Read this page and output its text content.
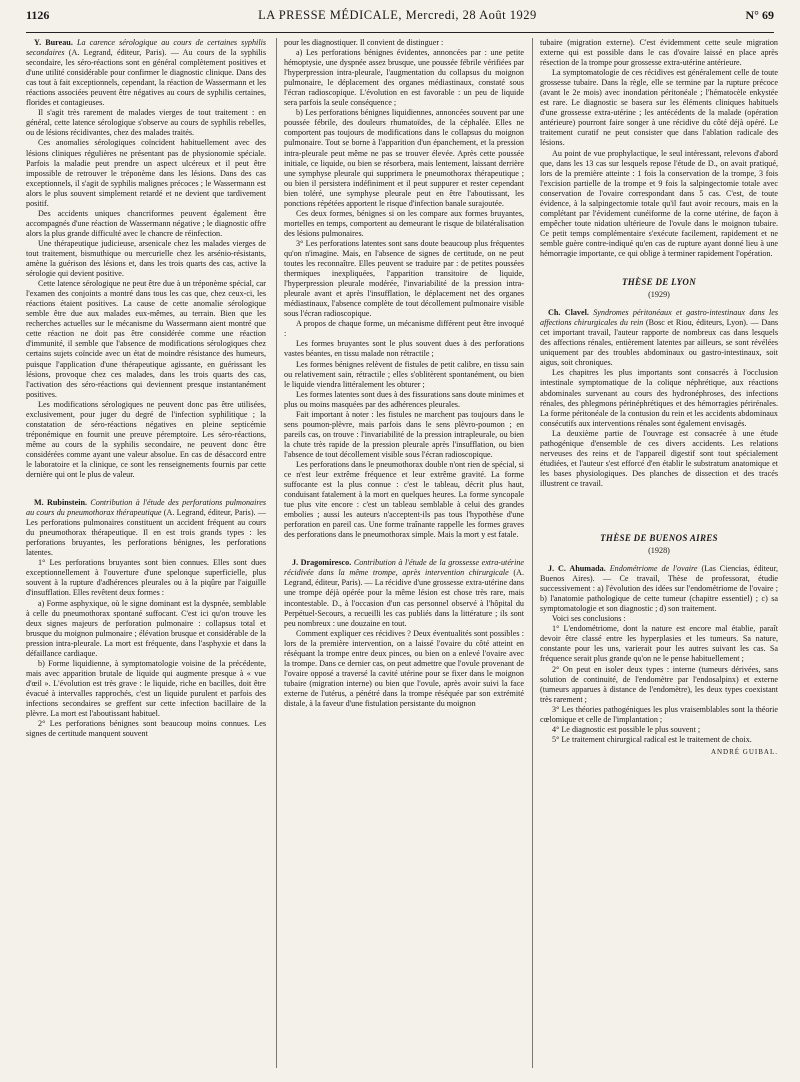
1126	LA PRESSE MÉDICALE, Mercredi, 28 Août 1929	N° 69

Y. Bureau. La carence sérologique au cours de certaines syphilis secondaires (A. Legrand, éditeur, Paris). — Au cours de la syphilis secondaire, les séro-réactions sont en général complètement positives et d'une utilité considérable pour confirmer le diagnostic clinique. Dans des cas tout à fait exceptionnels, cependant, la réaction de Wassermann et les réactions associées peuvent être négatives au cours de syphilis certaines, florides et contagieuses.

Il s'agit très rarement de malades vierges de tout traitement : en général, cette latence sérologique s'observe au cours de syphilis rebelles, ou de lésions récidivantes, chez des malades traités.

Ces anomalies sérologiques coïncident habituellement avec des lésions cliniques régulières ne présentant pas de physionomie spéciale. Parfois la maladie peut prendre un aspect ulcéreux et il peut être impossible de retrouver le tréponème dans les lésions. Dans des cas exceptionnels, il s'agit de syphilis malignes précoces ; le Wassermann est alors le plus souvent simplement retardé et ne devient que tardivement positif.

Des accidents uniques chancriformes peuvent également être accompagnés d'une réaction de Wassermann négative ; le diagnostic offre alors la plus grande difficulté avec le chancre de réinfection.

Une thérapeutique judicieuse, arsenicale chez les malades vierges de tout traitement, bismuthique ou mercurielle chez les arsénio-résistants, amène la guérison des lésions et, dans les trois quarts des cas, active la sérologie qui devient positive.

Cette latence sérologique ne peut être due à un tréponème spécial, car l'examen des conjoints a montré dans tous les cas que, chez ceux-ci, les réactions étaient positives. La cause de cette anomalie sérologique semble être due aux malades eux-mêmes, au terrain. Bien que les recherches actuelles sur le mécanisme du Wassermann aient montré que cette réaction ne doit pas être considérée comme une réaction d'immunité, il semble que l'absence de modifications sérologiques chez certains sujets coïncide avec un état de moindre résistance des humeurs, puisque l'application d'une thérapeutique agissante, en guérissant les lésions, provoque chez ces malades, dans les trois quarts des cas, l'activation des séro-réactions qui deviennent presque instantanément positives.

Les modifications sérologiques ne peuvent donc pas être utilisées, exclusivement, pour juger du degré de l'infection syphilitique ; la constatation de séro-réactions négatives en pleine septicémie tréponémique en fournit une preuve péremptoire. Les séro-réactions, même au cours de la syphilis secondaire, ne peuvent donc être considérées comme ayant une valeur absolue. En cas de désaccord entre le laboratoire et la clinique, ce sont les renseignements fournis par cette dernière qui ont le plus de valeur.

M. Rubinstein. Contribution à l'étude des perforations pulmonaires au cours du pneumothorax thérapeutique (A. Legrand, éditeur, Paris). — Les perforations pulmonaires constituent un accident fréquent au cours du pneumothorax thérapeutique. Il en est trois grands types : les perforations bruyantes, les perforations bénignes, les perforations latentes.

1° Les perforations bruyantes sont bien connues. Elles sont dues exceptionnellement à l'ouverture d'une spelonque superficielle, plus souvent à la rupture d'adhérences pleurales ou à la piqûre par l'aiguille d'insufflation. Elles revêtent deux formes :

a) Forme asphyxique, où le signe dominant est la dyspnée, semblable à celle du pneumothorax spontané suffocant. C'est ici qu'on trouve les deux signes majeurs de perforation pulmonaire : collapsus total et brusque du moignon pulmonaire ; élévation brusque et considérable de la pression intra-pleurale. La mort est fréquente, dans l'asphyxie et dans la défaillance cardiaque.

b) Forme liquidienne, à symptomatologie voisine de la précédente, mais avec apparition brutale de liquide qui augmente presque à « vue d'œil ». L'évolution est très grave : le liquide, riche en bacilles, doit être évacué à intervalles rapprochés, c'est un liquide purulent et parfois des infections secondaires se greffent sur cette infection bacillaire de la plèvre. La mort est l'aboutissant habituel.

2° Les perforations bénignes sont beaucoup moins connues. Les signes de certitude manquent souvent

pour les diagnostiquer. Il convient de distinguer :

a) Les perforations bénignes évidentes, annoncées par : une petite hémoptysie, une dyspnée assez brusque, une poussée fébrile vérifiées par l'hyperpression intra-pleurale, l'augmentation du collapsus du moignon pulmonaire, le déplacement des organes médiastinaux, constaté sous l'écran radioscopique. L'évolution en est favorable : un peu de liquide sera parfois la seule conséquence ;

b) Les perforations bénignes liquidiennes, annoncées souvent par une poussée fébrile, des douleurs rhumatoïdes, de la céphalée. Elles ne comportent pas toujours de modifications dans le collapsus du moignon pulmonaire. Tout se borne à l'apparition d'un épanchement, et la pression intra-pleurale peut même ne pas se trouver élevée. Après cette poussée initiale, ce liquide, ou bien se résorbera, mais lentement, laissant derrière une symphyse pleurale qui supprimera le pneumothorax thérapeutique ; ou bien il persistera indéfiniment et il peut suppurer et rester cependant bien toléré, une symphyse pleurale peut en être l'aboutissant, les ponctions répétées apportent le risque d'infection banale surajoutée.

Ces deux formes, bénignes si on les compare aux formes bruyantes, mortelles en temps, comportent au demeurant le risque de bilatéralisation des lésions pulmonaires.

3° Les perforations latentes sont sans doute beaucoup plus fréquentes qu'on n'imagine. Mais, en l'absence de signes de certitude, on ne peut toutes les reconnaître. Elles peuvent se traduire par : de petites poussées thermiques inexpliquées, l'apparition transitoire de liquide, l'hyperpression pleurale modérée, l'invariabilité de la pression intra-pleurale avant et après l'insufflation, le déplacement net des organes médiastinaux, l'absence complète de tout décollement pulmonaire visible sous l'écran radioscopique.

A propos de chaque forme, un mécanisme différent peut être invoqué :

Les formes bruyantes sont le plus souvent dues à des perforations vastes béantes, en tissu malade non rétractile ;

Les formes bénignes relèvent de fistules de petit calibre, en tissu sain ou relativement sain, rétractile ; elles s'oblitèrent spontanément, ou bien le liquide viendra littéralement les obturer ;

Les formes latentes sont dues à des fissurations sans doute minimes et plus ou moins masquées par des adhérences pleurales.

Fait important à noter : les fistules ne marchent pas toujours dans le sens poumon-plèvre, mais parfois dans le sens plèvro-poumon ; en pareils cas, on trouve : l'invariabilité de la pression intrapleurale, ou bien la chute très rapide de la pression pleurale après l'insufflation, ou bien l'absence de tout décollement visible sous l'écran radioscopique.

Les perforations dans le pneumothorax double n'ont rien de spécial, si ce n'est leur extrême fréquence et leur extrême gravité. La forme suffocante est la plus connue : c'est le tableau, décrit plus haut, conduisant fatalement à la mort en quelques heures. La forme syncopale tue plus vite encore : c'est un tableau semblable à celui des grandes embolies ; aussi les auteurs n'acceptent-ils pas tous l'hypothèse d'une perforation en pareil cas. Une forme traînante rappelle les formes graves des perforations dans le pneumothorax simple. Mais la mort y est fatale.

J. Dragomiresco. Contribution à l'étude de la grossesse extra-utérine récidivée dans la même trompe, après intervention chirurgicale (A. Legrand, éditeur, Paris). — La récidive d'une grossesse extra-utérine dans une trompe déjà opérée pour la même lésion est chose très rare, mais incontestable. D., à l'occasion d'un cas personnel observé à l'hôpital du Perpétuel-Secours, a recueilli les cas publiés dans la littérature ; ils sont peu nombreux : une douzaine en tout.

Comment expliquer ces récidives ? Deux éventualités sont possibles : lors de la première intervention, on a laissé l'ovaire du côté atteint en réséquant la trompe entre deux pinces, ou bien on a enlevé l'ovaire avec la trompe. Dans ce dernier cas, on peut admettre que l'ovule provenant de l'ovaire opposé a traversé la cavité utérine pour se fixer dans le moignon tubaire (migration interne) ou bien que l'ovule, après avoir suivi la face externe de l'utérus, a pénétré dans la trompe réséquée par son extrémité distale, à la faveur d'une fistulation persistante du moignon

tubaire (migration externe). C'est évidemment cette seule migration externe qui est possible dans le cas d'ovaire laissé en place après résection de la trompe pour grossesse extra-utérine antérieure.

La symptomatologie de ces récidives est généralement celle de toute grossesse tubaire. Dans la règle, elle se termine par la rupture précoce (avant le 2e mois) avec inondation péritonéale ; l'hématocèle enkystée est rare. Le diagnostic se basera sur les éléments cliniques habituels d'une grossesse extra-utérine ; les antécédents de la malade (opération antérieure) pourront faire songer à une récidive du côté déjà opéré. Le traitement curatif ne peut consister que dans l'ablation radicale des lésions.

Au point de vue prophylactique, le seul intéressant, relevons d'abord que, dans les 13 cas sur lesquels repose l'étude de D., on avait pratiqué, lors de la première atteinte : 1 fois la conservation de la trompe, 3 fois l'excision partielle de la trompe et 9 fois la salpingectomie totale avec conservation de l'ovaire correspondant dans 5 cas. C'est, de toute évidence, à la salpingectomie totale qu'il faut avoir recours, mais en la complétant par l'évidement cunéiforme de la corne utérine, de façon à empêcher toute nidation ultérieure de l'ovule dans le moignon tubaire. Ce petit temps complémentaire s'exécute facilement, rapidement et ne semble guère contre-indiqué qu'en cas de rupture ayant donné lieu à une hémorragie importante, ce qui oblige à terminer rapidement l'opération.

THÈSE DE LYON
(1929)

Ch. Clavel. Syndromes péritonéaux et gastro-intestinaux dans les affections chirurgicales du rein (Bosc et Riou, éditeurs, Lyon). — Dans cet important travail, l'auteur rapporte de nombreux cas dans lesquels des affections rénales, entièrement latentes par ailleurs, se sont révélées uniquement par des troubles abdominaux ou gastro-intestinaux, soit aigus, soit chroniques.

Les chapitres les plus importants sont consacrés à l'occlusion intestinale symptomatique de la colique néphrétique, aux réactions abdominales survenant au cours des hydronéphroses, des infections rénales, des phlegmons périnéphrétiques et des hémorragies périrénales. La forme péritonéale de la contusion du rein et les accidents abdominaux consécutifs aux interventions rénales sont également envisagés.

La deuxième partie de l'ouvrage est consacrée à une étude pathogénique d'ensemble de ces divers accidents. Les relations nerveuses des reins et de l'appareil digestif sont tout spécialement étudiées, et l'auteur s'est efforcé d'en établir le substratum anatomique et les bases physiologiques. Des planches de dissection et des tracés illustrent ce travail.

THÈSE DE BUENOS AIRES
(1928)

J. C. Ahumada. Endométriome de l'ovaire (Las Ciencias, éditeur, Buenos Aires). — Ce travail, Thèse de professorat, étudie successivement : a) l'évolution des idées sur l'endométriome de l'ovaire ; b) l'anatomie pathologique de cette tumeur (chapitre essentiel) ; c) sa symptomatologie et son diagnostic ; d) son traitement.

Voici ses conclusions :

1° L'endométriome, dont la nature est encore mal établie, paraît devoir être classé entre les hyperplasies et les tumeurs. Sa nature, constante pour les uns, varierait pour les autres suivant les cas. Sa fréquence serait plus grande qu'on ne le pense habituellement ;

2° On peut en isoler deux types : interne (tumeurs dérivées, sans solution de continuité, de l'endomètre par l'endosalpinx) et externe (tumeurs apparues à distance de l'endomètre), les deux types coexistant très rarement ;

3° Les théories pathogéniques les plus vraisemblables sont la théorie cœlomique et celle de l'implantation ;

4° Le diagnostic est possible le plus souvent ;

5° Le traitement chirurgical radical est le traitement de choix.

ANDRÉ GUIBAL.
